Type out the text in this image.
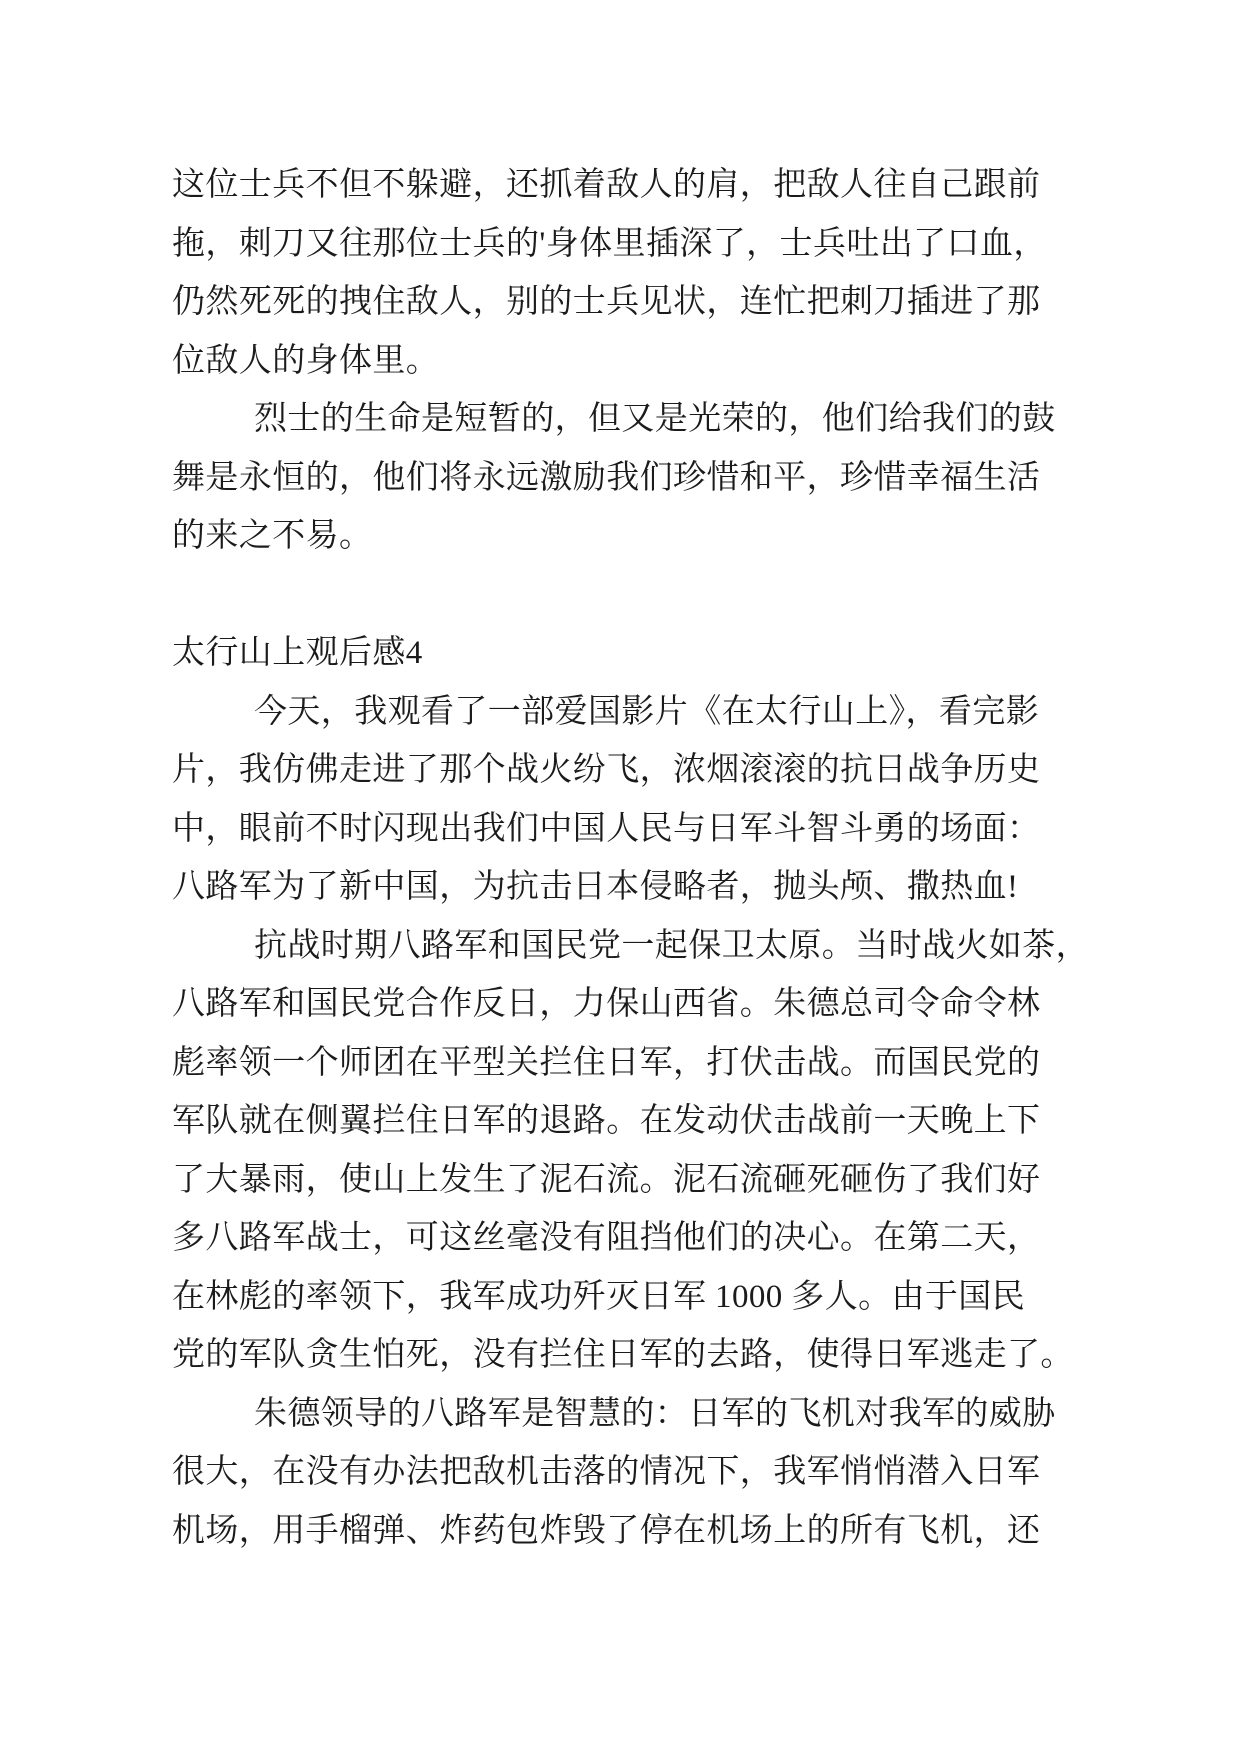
这位士兵不但不躲避，还抓着敌人的肩，把敌人往自己跟前
拖，刺刀又往那位士兵的'身体里插深了，士兵吐出了口血，
仍然死死的拽住敌人，别的士兵见状，连忙把刺刀插进了那
位敌人的身体里。
烈士的生命是短暂的，但又是光荣的，他们给我们的鼓
舞是永恒的，他们将永远激励我们珍惜和平，珍惜幸福生活
的来之不易。
太行山上观后感4
今天，我观看了一部爱国影片《在太行山上》，看完影
片，我仿佛走进了那个战火纷飞，浓烟滚滚的抗日战争历史
中，眼前不时闪现出我们中国人民与日军斗智斗勇的场面：
八路军为了新中国，为抗击日本侵略者，抛头颅、撒热血!
抗战时期八路军和国民党一起保卫太原。当时战火如茶，
八路军和国民党合作反日，力保山西省。朱德总司令命令林
彪率领一个师团在平型关拦住日军，打伏击战。而国民党的
军队就在侧翼拦住日军的退路。在发动伏击战前一天晚上下
了大暴雨，使山上发生了泥石流。泥石流砸死砸伤了我们好
多八路军战士，可这丝毫没有阻挡他们的决心。在第二天，
在林彪的率领下，我军成功歼灭日军 1000 多人。由于国民
党的军队贪生怕死，没有拦住日军的去路，使得日军逃走了。
朱德领导的八路军是智慧的：日军的飞机对我军的威胁
很大，在没有办法把敌机击落的情况下，我军悄悄潜入日军
机场，用手榴弹、炸药包炸毁了停在机场上的所有飞机，还
